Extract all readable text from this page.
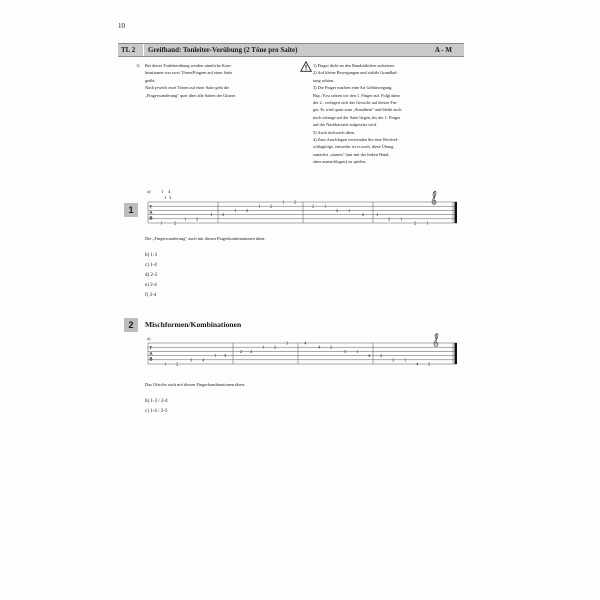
10
TL 2 Greifhand: Tonleiter-Vorübung (2 Töne pro Saite)	A - M
1) Bei dieser Tonleiterübung werden sämtliche Kom-
binationen von zwei Tönen/Fingern auf einer Saite
geübt.
Nach jeweils zwei Tönen auf einer Saite geht die
„Fingerwanderung" quer über alle Saiten der Gitarre.
1) Finger dicht an den Bundstäbchen aufsetzen.
2) Auf kleine Bewegungen und stabile Grundhal-
tung achten.
3) Die Finger machen eine Art Gehbewegung.
Bsp.: Erst setzen wir den 1. Finger auf. Folgt dann
der 2., verlagert sich das Gewicht auf diesen Fin-
ger. Er wird quasi zum „Standbein" und bleibt auch
noch solange auf der Saite liegen, bis der 1. Finger
auf der Nachbarsaite aufgesetzt wird.
5) Auch rückwärts üben.
4) Zum Anschlagen verwenden Sie eine Wechsel-
schlagfolge, entweder ist es auch, diese Übung
zunächst „stumm" (nur mit der linken Hand,
ohne anzuschlagen) zu spielen.
1
a) 1 4
1 3
T
A
B
1	2
1 2
1 2
1 2
1 2
1 2
2 1
2 1
2	1
2 1
2 1
Die „Fingerwanderung" auch mit diesen Fingerkombinationen üben:
b) 1-3
c) 1-4
d) 2-3
e) 2-4
f) 3-4
2	Mischformen/Kombinationen
a)
T
A
B
1 2
3 4
1 3
2 4
1 2
3	4
4 2
3 1
4 2
3 1
4 2
Das Gleiche auch mit diesen Fingerkombinationen üben:
b) 1-3 / 2-4
c) 1-4 / 2-3
